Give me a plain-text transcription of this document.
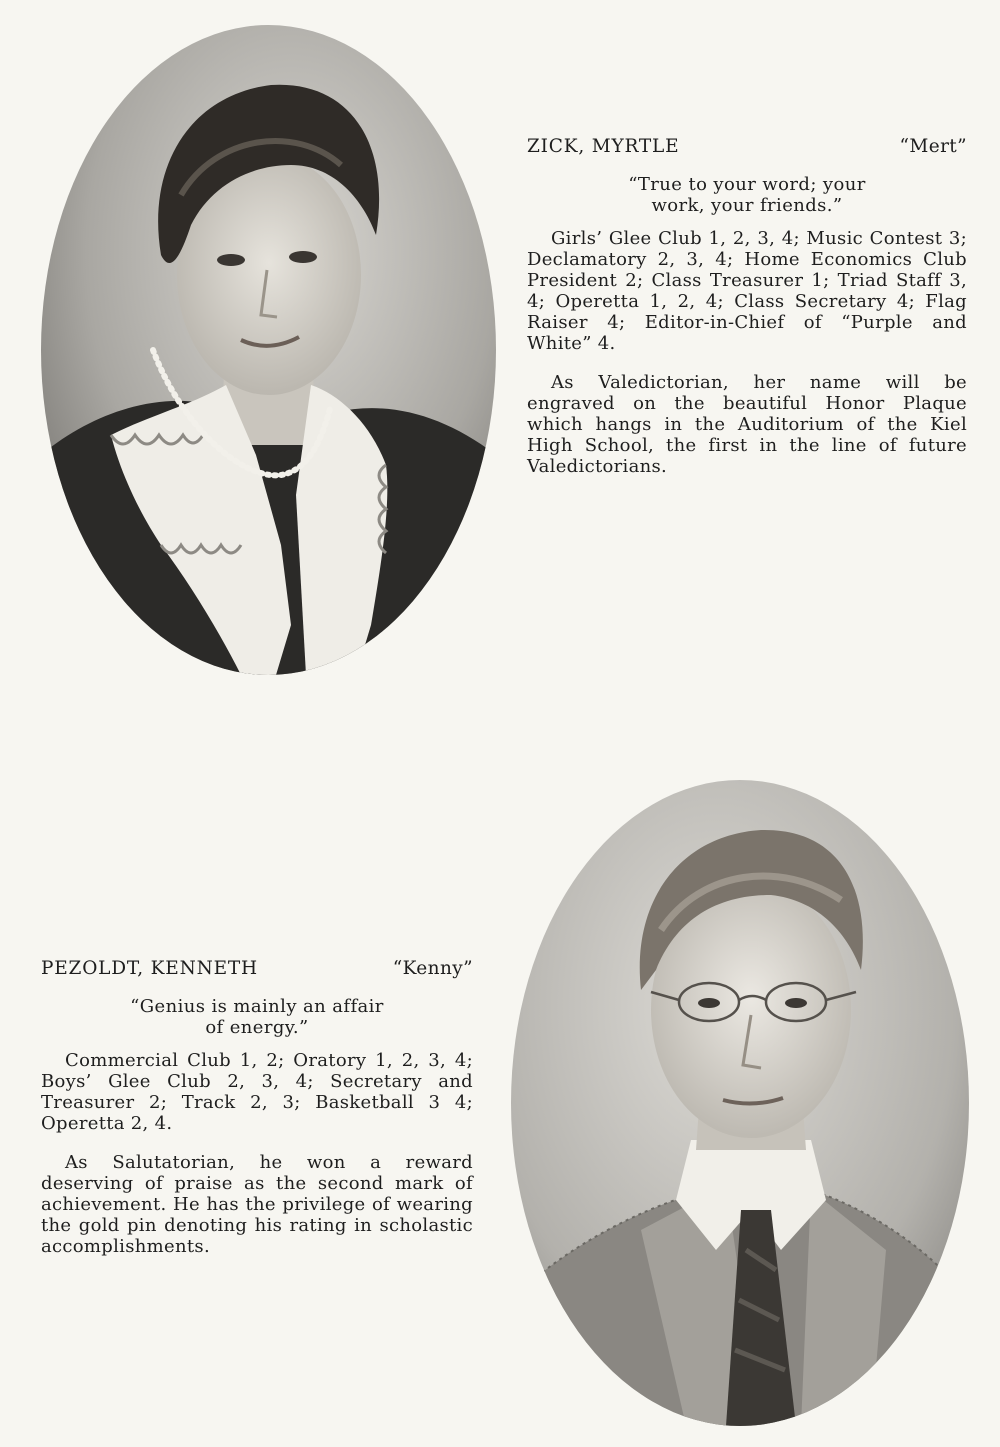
ZICK, MYRTLE	“Mert”
“True to your word; your
work, your friends.”

Girls’ Glee Club 1, 2, 3, 4; Music Contest 3; Declamatory 2, 3, 4; Home Economics Club President 2; Class Treasurer 1; Triad Staff 3, 4; Operetta 1, 2, 4; Class Secretary 4; Flag Raiser 4; Editor-in-Chief of “Purple and White” 4.

As Valedictorian, her name will be engraved on the beautiful Honor Plaque which hangs in the Auditorium of the Kiel High School, the first in the line of future Valedictorians.

PEZOLDT, KENNETH	“Kenny”
“Genius is mainly an affair
of energy.”

Commercial Club 1, 2; Oratory 1, 2, 3, 4; Boys’ Glee Club 2, 3, 4; Secretary and Treasurer 2; Track 2, 3; Basketball 3 4; Operetta 2, 4.

As Salutatorian, he won a reward deserving of praise as the second mark of achievement. He has the privilege of wearing the gold pin denoting his rating in scholastic accomplishments.
